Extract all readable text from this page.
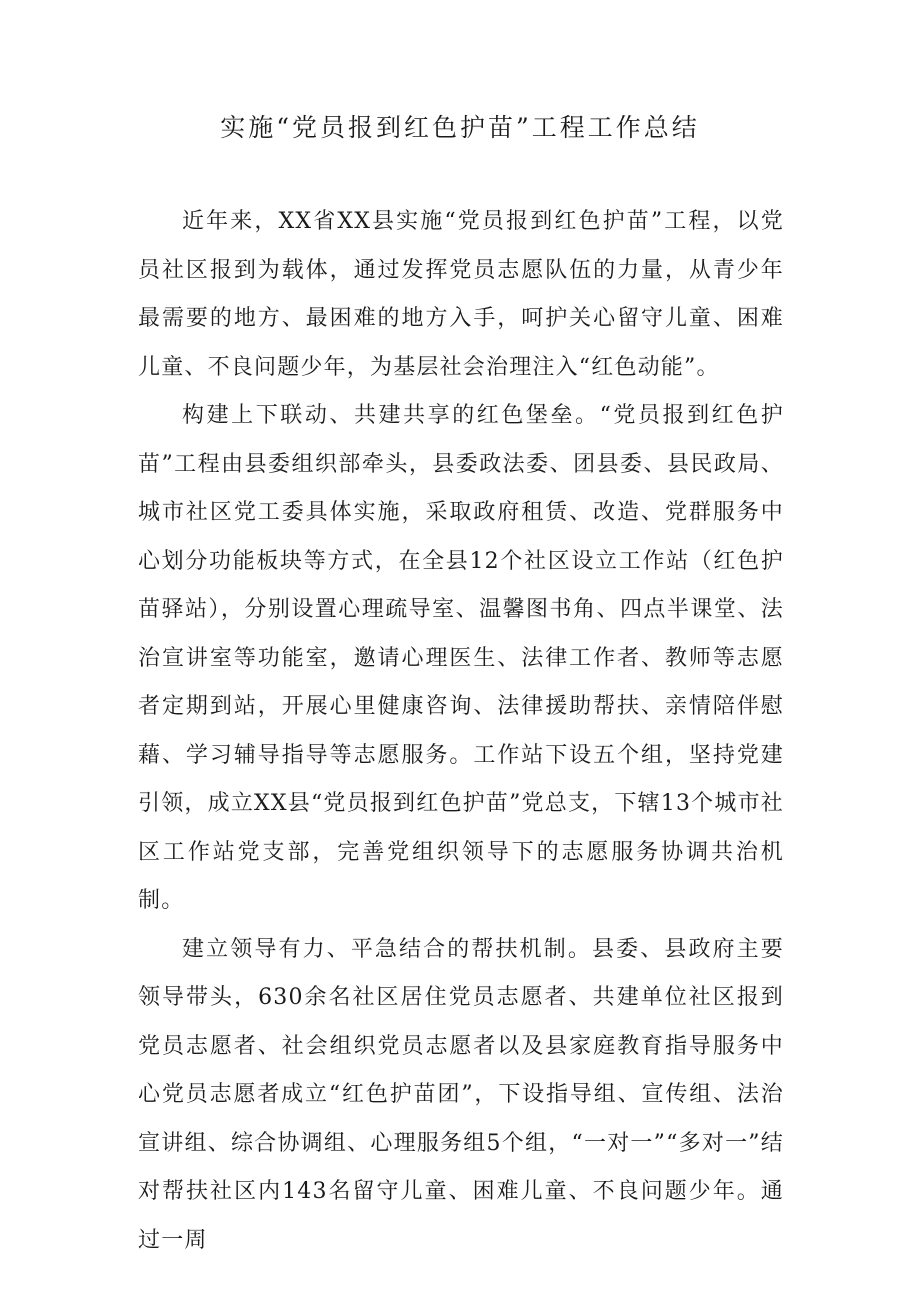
实施“党员报到红色护苗”工程工作总结

近年来，XX省XX县实施“党员报到红色护苗”工程，以党员社区报到为载体，通过发挥党员志愿队伍的力量，从青少年最需要的地方、最困难的地方入手，呵护关心留守儿童、困难儿童、不良问题少年，为基层社会治理注入“红色动能”。

构建上下联动、共建共享的红色堡垒。“党员报到红色护苗”工程由县委组织部牵头，县委政法委、团县委、县民政局、城市社区党工委具体实施，采取政府租赁、改造、党群服务中心划分功能板块等方式，在全县12个社区设立工作站（红色护苗驿站），分别设置心理疏导室、温馨图书角、四点半课堂、法治宣讲室等功能室，邀请心理医生、法律工作者、教师等志愿者定期到站，开展心里健康咨询、法律援助帮扶、亲情陪伴慰藉、学习辅导指导等志愿服务。工作站下设五个组，坚持党建引领，成立XX县“党员报到红色护苗”党总支，下辖13个城市社区工作站党支部，完善党组织领导下的志愿服务协调共治机制。

建立领导有力、平急结合的帮扶机制。县委、县政府主要领导带头，630余名社区居住党员志愿者、共建单位社区报到党员志愿者、社会组织党员志愿者以及县家庭教育指导服务中心党员志愿者成立“红色护苗团”，下设指导组、宣传组、法治宣讲组、综合协调组、心理服务组5个组，“一对一”“多对一”结对帮扶社区内143名留守儿童、困难儿童、不良问题少年。通过一周
